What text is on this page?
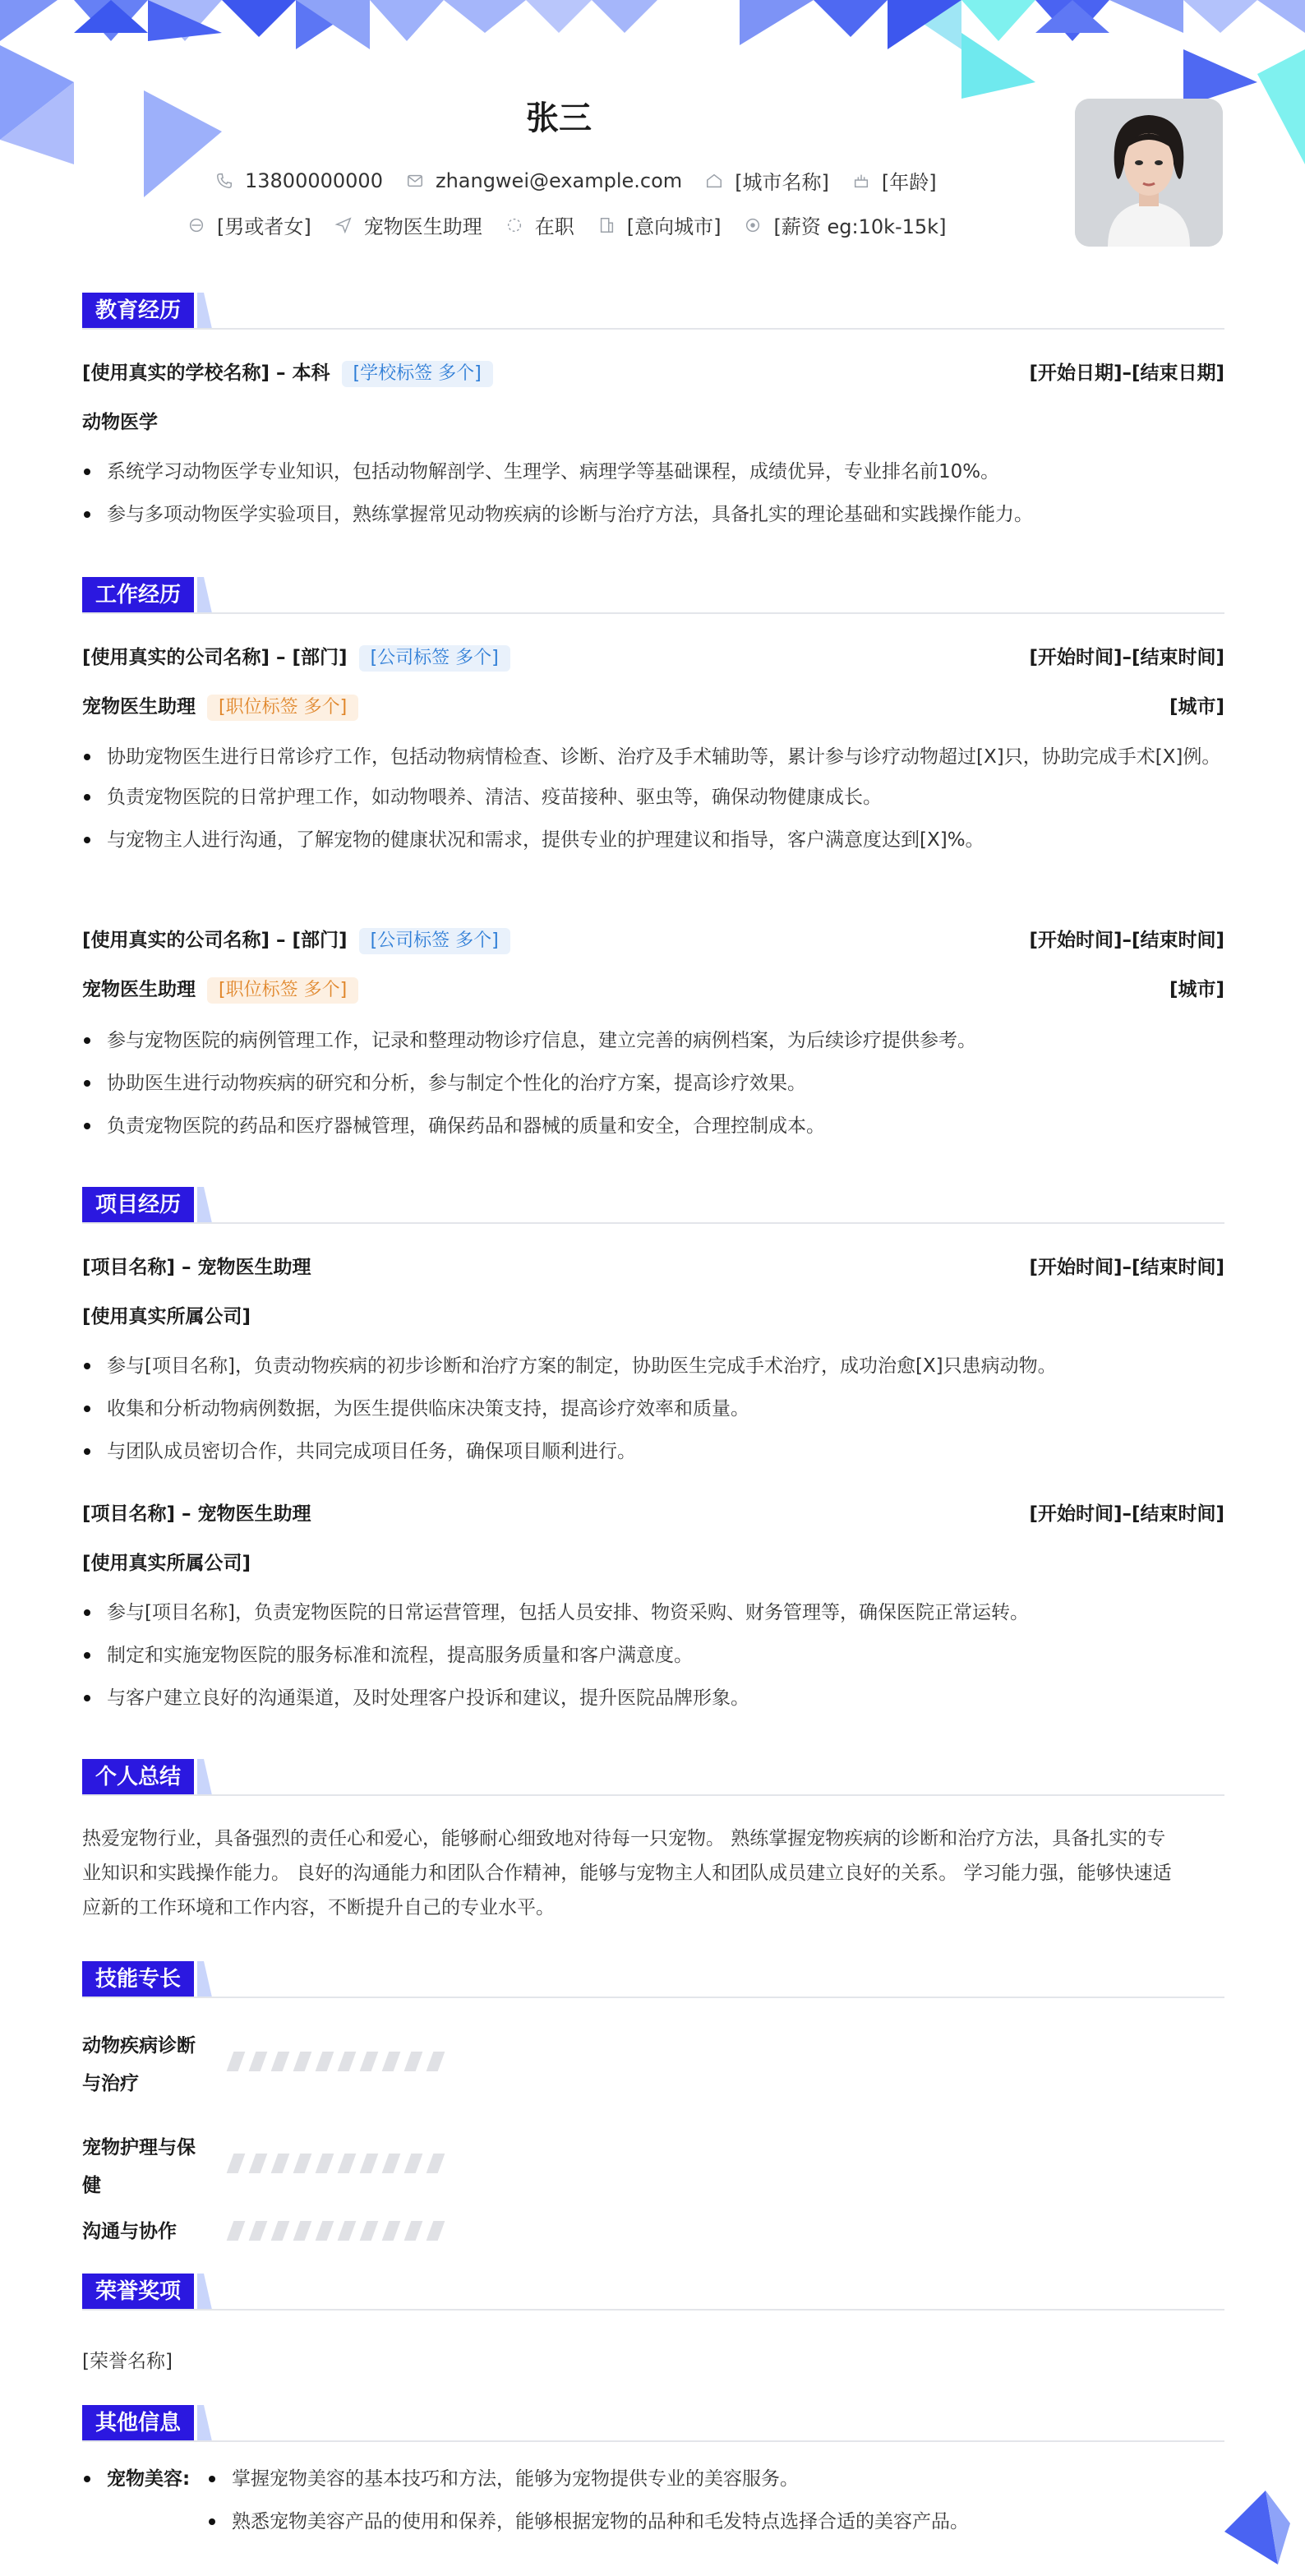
张三
13800000000	zhangwei@example.com	[城市名称]	[年龄]
[男或者女]	宠物医生助理	在职	[意向城市]	[薪资 eg:10k-15k]
教育经历
[使用真实的学校名称] – 本科 [学校标签 多个]	[开始日期]–[结束日期]
动物医学
系统学习动物医学专业知识，包括动物解剖学、生理学、病理学等基础课程，成绩优异，专业排名前10%。
参与多项动物医学实验项目，熟练掌握常见动物疾病的诊断与治疗方法，具备扎实的理论基础和实践操作能力。
工作经历
[使用真实的公司名称] – [部门] [公司标签 多个]	[开始时间]–[结束时间]
宠物医生助理 [职位标签 多个]	[城市]
协助宠物医生进行日常诊疗工作，包括动物病情检查、诊断、治疗及手术辅助等，累计参与诊疗动物超过[X]只，协助完成手术[X]例。
负责宠物医院的日常护理工作，如动物喂养、清洁、疫苗接种、驱虫等，确保动物健康成长。
与宠物主人进行沟通，了解宠物的健康状况和需求，提供专业的护理建议和指导，客户满意度达到[X]%。
[使用真实的公司名称] – [部门] [公司标签 多个]	[开始时间]–[结束时间]
宠物医生助理 [职位标签 多个]	[城市]
参与宠物医院的病例管理工作，记录和整理动物诊疗信息，建立完善的病例档案，为后续诊疗提供参考。
协助医生进行动物疾病的研究和分析，参与制定个性化的治疗方案，提高诊疗效果。
负责宠物医院的药品和医疗器械管理，确保药品和器械的质量和安全，合理控制成本。
项目经历
[项目名称] – 宠物医生助理	[开始时间]–[结束时间]
[使用真实所属公司]
参与[项目名称]，负责动物疾病的初步诊断和治疗方案的制定，协助医生完成手术治疗，成功治愈[X]只患病动物。
收集和分析动物病例数据，为医生提供临床决策支持，提高诊疗效率和质量。
与团队成员密切合作，共同完成项目任务，确保项目顺利进行。
[项目名称] – 宠物医生助理	[开始时间]–[结束时间]
[使用真实所属公司]
参与[项目名称]，负责宠物医院的日常运营管理，包括人员安排、物资采购、财务管理等，确保医院正常运转。
制定和实施宠物医院的服务标准和流程，提高服务质量和客户满意度。
与客户建立良好的沟通渠道，及时处理客户投诉和建议，提升医院品牌形象。
个人总结
热爱宠物行业，具备强烈的责任心和爱心，能够耐心细致地对待每一只宠物。 熟练掌握宠物疾病的诊断和治疗方法，具备扎实的专
业知识和实践操作能力。 良好的沟通能力和团队合作精神，能够与宠物主人和团队成员建立良好的关系。 学习能力强，能够快速适
应新的工作环境和工作内容，不断提升自己的专业水平。
技能专长
动物疾病诊断
与治疗
宠物护理与保
健
沟通与协作
荣誉奖项
[荣誉名称]
其他信息
宠物美容:	掌握宠物美容的基本技巧和方法，能够为宠物提供专业的美容服务。
熟悉宠物美容产品的使用和保养，能够根据宠物的品种和毛发特点选择合适的美容产品。
